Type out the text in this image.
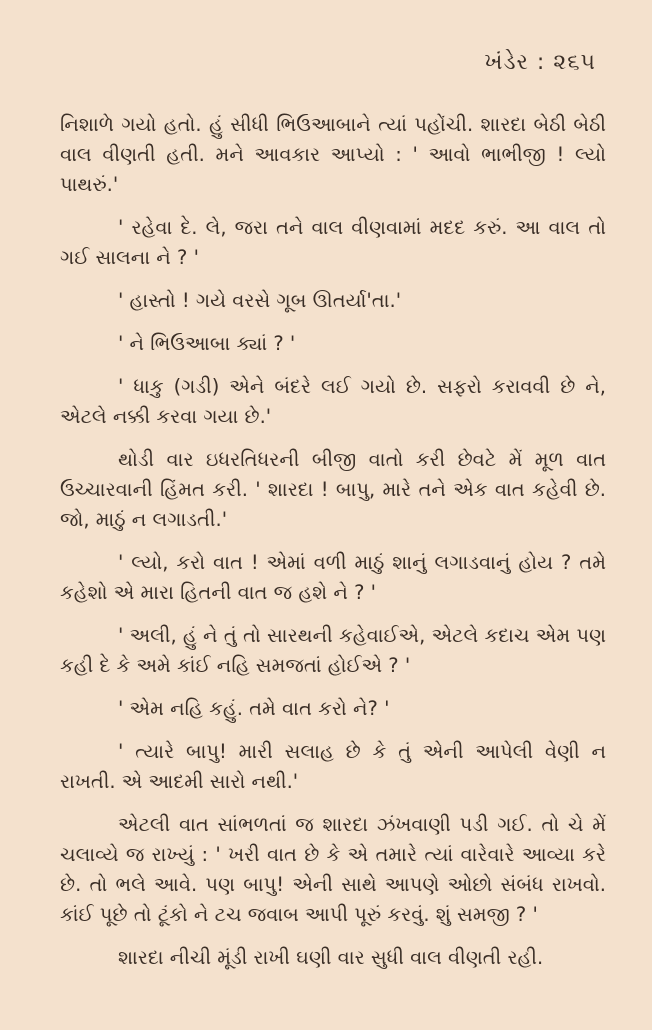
ખંડેર : ૨૬૫

નિશાળે ગયો હતો. હું સીધી ભિઉઆબાને ત્યાં પહોંચી. શારદા બેઠી બેઠી વાલ વીણતી હતી. મને આવકાર આપ્યો : ' આવો ભાભીજી ! લ્યો પાથરું.'

' રહેવા દે. લે, જરા તને વાલ વીણવામાં મદદ કરું. આ વાલ તો ગઈ સાલના ને ? '

' હાસ્તો ! ગયે વરસે ગૂબ ઊતર્યા'તા.'

' ને ભિઉઆબા ક્યાં ? '

' ધાકુ (ગડી) એને બંદરે લઈ ગયો છે. સફરો કરાવવી છે ને, એટલે નક્કી કરવા ગયા છે.'

થોડી વાર ઇધરતિધરની બીજી વાતો કરી છેવટે મેં મૂળ વાત ઉચ્ચારવાની હિંમત કરી. ' શારદા ! બાપુ, મારે તને એક વાત કહેવી છે. જો, માઠું ન લગાડતી.'

' લ્યો, કરો વાત ! એમાં વળી માઠું શાનું લગાડવાનું હોય ? તમે કહેશો એ મારા હિતની વાત જ હશે ને ? '

' અલી, હું ને તું તો સારથની કહેવાઈએ, એટલે કદાચ એમ પણ કહી દે કે અમે કાંઈ નહિ સમજતાં હોઈએ ? '

' એમ નહિ કહું. તમે વાત કરો ને? '

' ત્યારે બાપુ! મારી સલાહ છે કે તું એની આપેલી વેણી ન રાખતી. એ આદમી સારો નથી.'

એટલી વાત સાંભળતાં જ શારદા ઝંખવાણી પડી ગઈ. તો ચે મેં ચલાવ્યે જ રાખ્યું : ' ખરી વાત છે કે એ તમારે ત્યાં વારેવારે આવ્યા કરે છે. તો ભલે આવે. પણ બાપુ! એની સાથે આપણે ઓછો સંબંધ રાખવો. કાંઈ પૂછે તો ટૂંકો ને ટચ જવાબ આપી પૂરું કરવું. શું સમજી ? '

શારદા નીચી મૂંડી રાખી ઘણી વાર સુધી વાલ વીણતી રહી.
